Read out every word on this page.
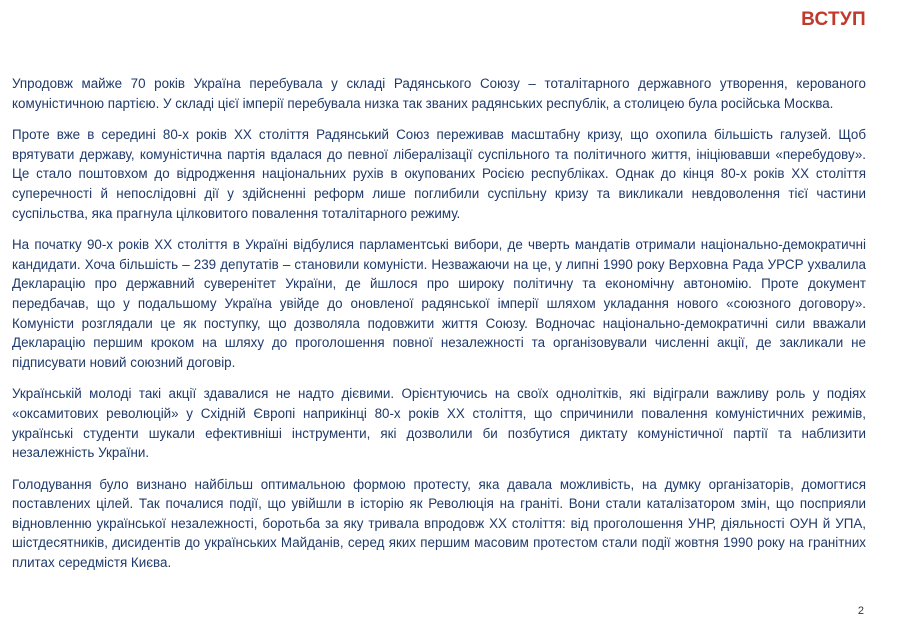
ВСТУП

Упродовж майже 70 років Україна перебувала у складі Радянського Союзу – тоталітарного державного утворення, керованого комуністичною партією. У складі цієї імперії перебувала низка так званих радянських республік, а столицею була російська Москва.

Проте вже в середині 80-х років ХХ століття Радянський Союз переживав масштабну кризу, що охопила більшість галузей. Щоб врятувати державу, комуністична партія вдалася до певної лібералізації суспільного та політичного життя, ініціювавши «перебудову». Це стало поштовхом до відродження національних рухів в окупованих Росією республіках. Однак до кінця 80-х років ХХ століття суперечності й непослідовні дії у здійсненні реформ лише поглибили суспільну кризу та викликали невдоволення тієї частини суспільства, яка прагнула цілковитого повалення тоталітарного режиму.

На початку 90-х років ХХ століття в Україні відбулися парламентські вибори, де чверть мандатів отримали національно-демократичні кандидати. Хоча більшість – 239 депутатів – становили комуністи. Незважаючи на це, у липні 1990 року Верховна Рада УРСР ухвалила Декларацію про державний суверенітет України, де йшлося про широку політичну та економічну автономію. Проте документ передбачав, що у подальшому Україна увійде до оновленої радянської імперії шляхом укладання нового «союзного договору». Комуністи розглядали це як поступку, що дозволяла подовжити життя Союзу. Водночас національно-демократичні сили вважали Декларацію першим кроком на шляху до проголошення повної незалежності та організовували численні акції, де закликали не підписувати новий союзний договір.

Українській молоді такі акції здавалися не надто дієвими. Орієнтуючись на своїх однолітків, які відіграли важливу роль у подіях «оксамитових революцій» у Східній Європі наприкінці 80-х років ХХ століття, що спричинили повалення комуністичних режимів, українські студенти шукали ефективніші інструменти, які дозволили би позбутися диктату комуністичної партії та наблизити незалежність України.

Голодування було визнано найбільш оптимальною формою протесту, яка давала можливість, на думку організаторів, домогтися поставлених цілей. Так почалися події, що увійшли в історію як Революція на граніті. Вони стали каталізатором змін, що посприяли відновленню української незалежності, боротьба за яку тривала впродовж ХХ століття: від проголошення УНР, діяльності ОУН й УПА, шістдесятників, дисидентів до українських Майданів, серед яких першим масовим протестом стали події жовтня 1990 року на гранітних плитах середмістя Києва.

2
